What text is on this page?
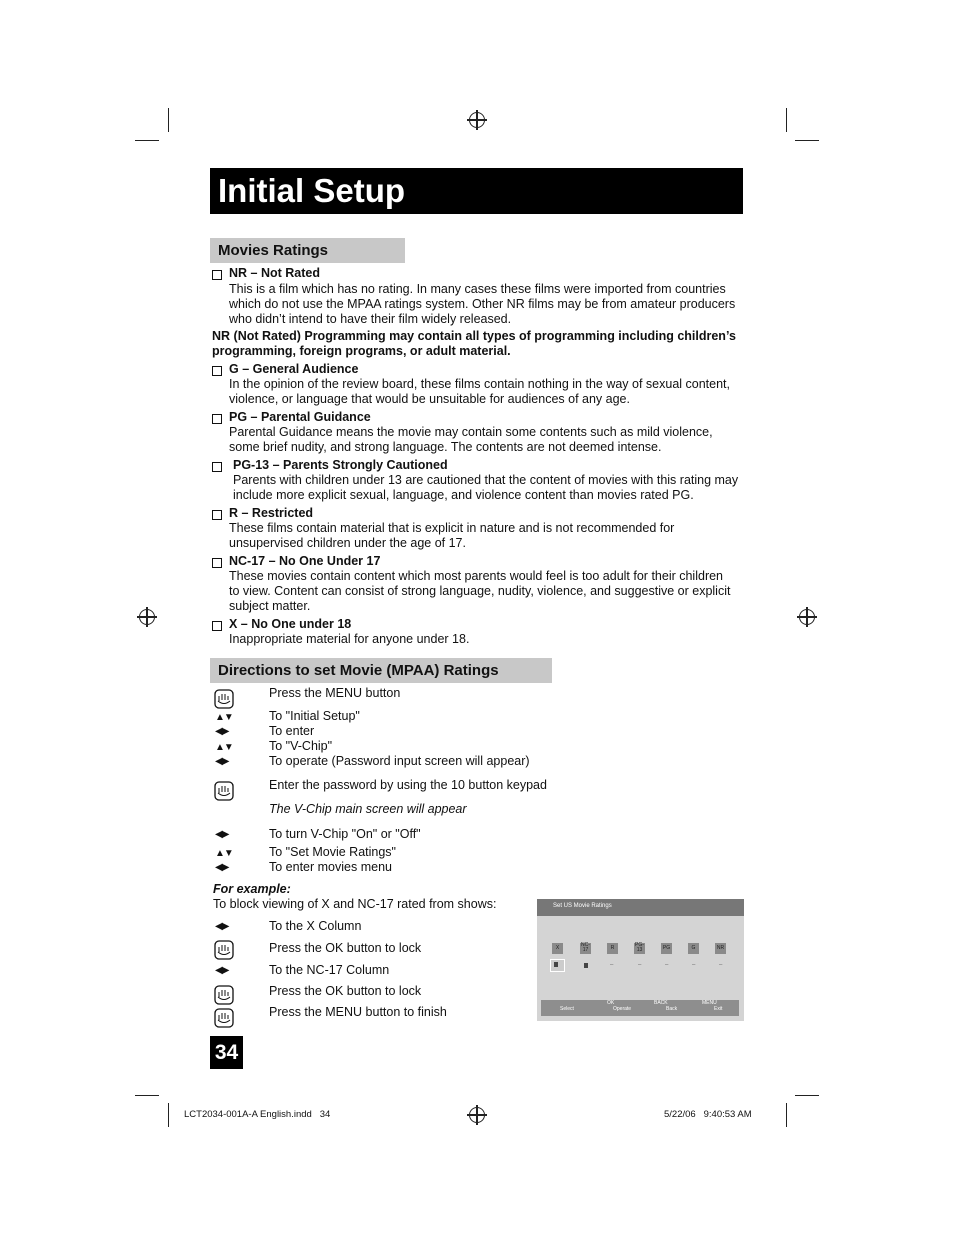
Initial Setup
Movies Ratings
NR – Not Rated
This is a film which has no rating. In many cases these films were imported from countries
which do not use the MPAA ratings system. Other NR films may be from amateur producers
who didn’t intend to have their film widely released.
NR (Not Rated) Programming may contain all types of programming including children’s
programming, foreign programs, or adult material.
G – General Audience
In the opinion of the review board, these films contain nothing in the way of sexual content,
violence, or language that would be unsuitable for audiences of any age.
PG – Parental Guidance
Parental Guidance means the movie may contain some contents such as mild violence,
some brief nudity, and strong language. The contents are not deemed intense.
PG-13 – Parents Strongly Cautioned
Parents with children under 13 are cautioned that the content of movies with this rating may
include more explicit sexual, language, and violence content than movies rated PG.
R – Restricted
These films contain material that is explicit in nature and is not recommended for
unsupervised children under the age of 17.
NC-17 – No One Under 17
These movies contain content which most parents would feel is too adult for their children
to view. Content can consist of strong language, nudity, violence, and suggestive or explicit
subject matter.
X – No One under 18
Inappropriate material for anyone under 18.
Directions to set Movie (MPAA) Ratings
Press the MENU button
▲▼	To "Initial Setup"
◀▶	To enter
▲▼	To "V-Chip"
◀▶	To operate (Password input screen will appear)
Enter the password by using the 10 button keypad
The V-Chip main screen will appear
◀▶	To turn V-Chip "On" or "Off"
▲▼	To "Set Movie Ratings"
◀▶	To enter movies menu
For example:
To block viewing of X and NC-17 rated from shows:
◀▶	To the X Column
Press the OK button to lock
◀▶	To the NC-17 Column
Press the OK button to lock
Press the MENU button to finish
Set US Movie Ratings
X	NC-17	R	PG-13	PG	G	NR
–	–	–	–	–
Select
OK
Operate
BACK
Back
MENU
Exit
34
LCT2034-001A-A English.indd   34	5/22/06   9:40:53 AM
